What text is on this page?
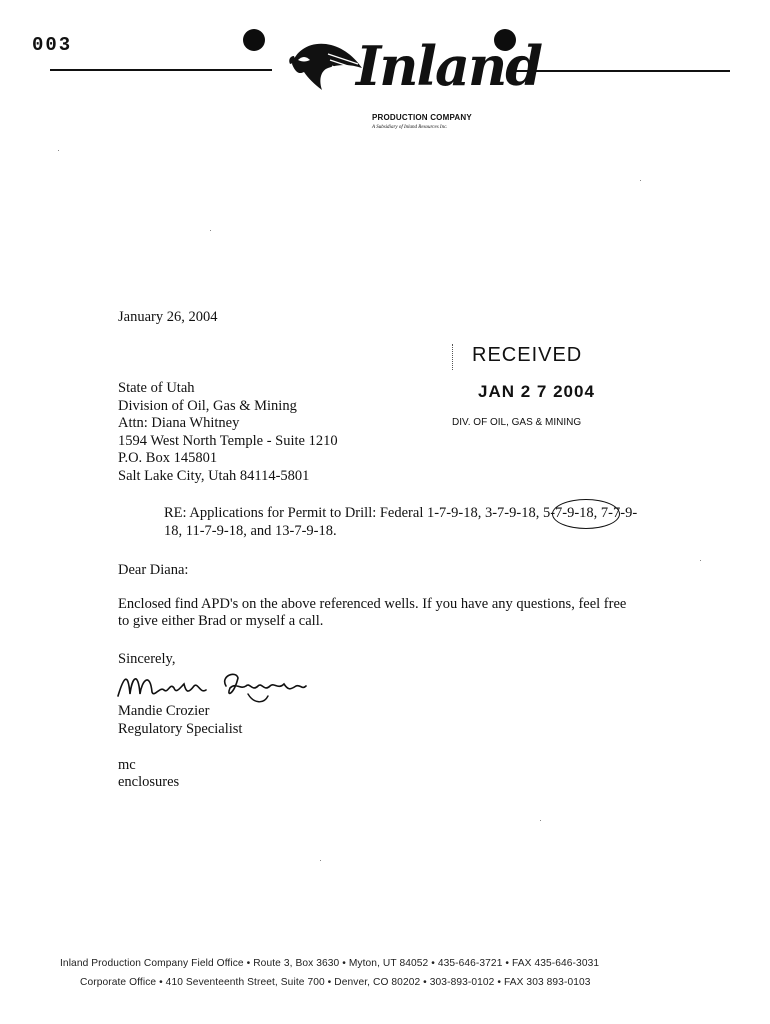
003	Inland
PRODUCTION COMPANY
A Subsidiary of Inland Resources Inc.
January 26, 2004
RECEIVED
JAN 2 7 2004
DIV. OF OIL, GAS & MINING
State of Utah
Division of Oil, Gas & Mining
Attn: Diana Whitney
1594 West North Temple - Suite 1210
P.O. Box 145801
Salt Lake City, Utah 84114-5801
RE: Applications for Permit to Drill: Federal 1-7-9-18, 3-7-9-18, 5-7-9-18, 7-7-9-
18, 11-7-9-18, and 13-7-9-18.
Dear Diana:
Enclosed find APD's on the above referenced wells. If you have any questions, feel free
to give either Brad or myself a call.
Sincerely,
Mandie Crozier
Regulatory Specialist
mc
enclosures
Inland Production Company Field Office • Route 3, Box 3630 • Myton, UT 84052 • 435-646-3721 • FAX 435-646-3031
Corporate Office • 410 Seventeenth Street, Suite 700 • Denver, CO 80202 • 303-893-0102 • FAX 303 893-0103
